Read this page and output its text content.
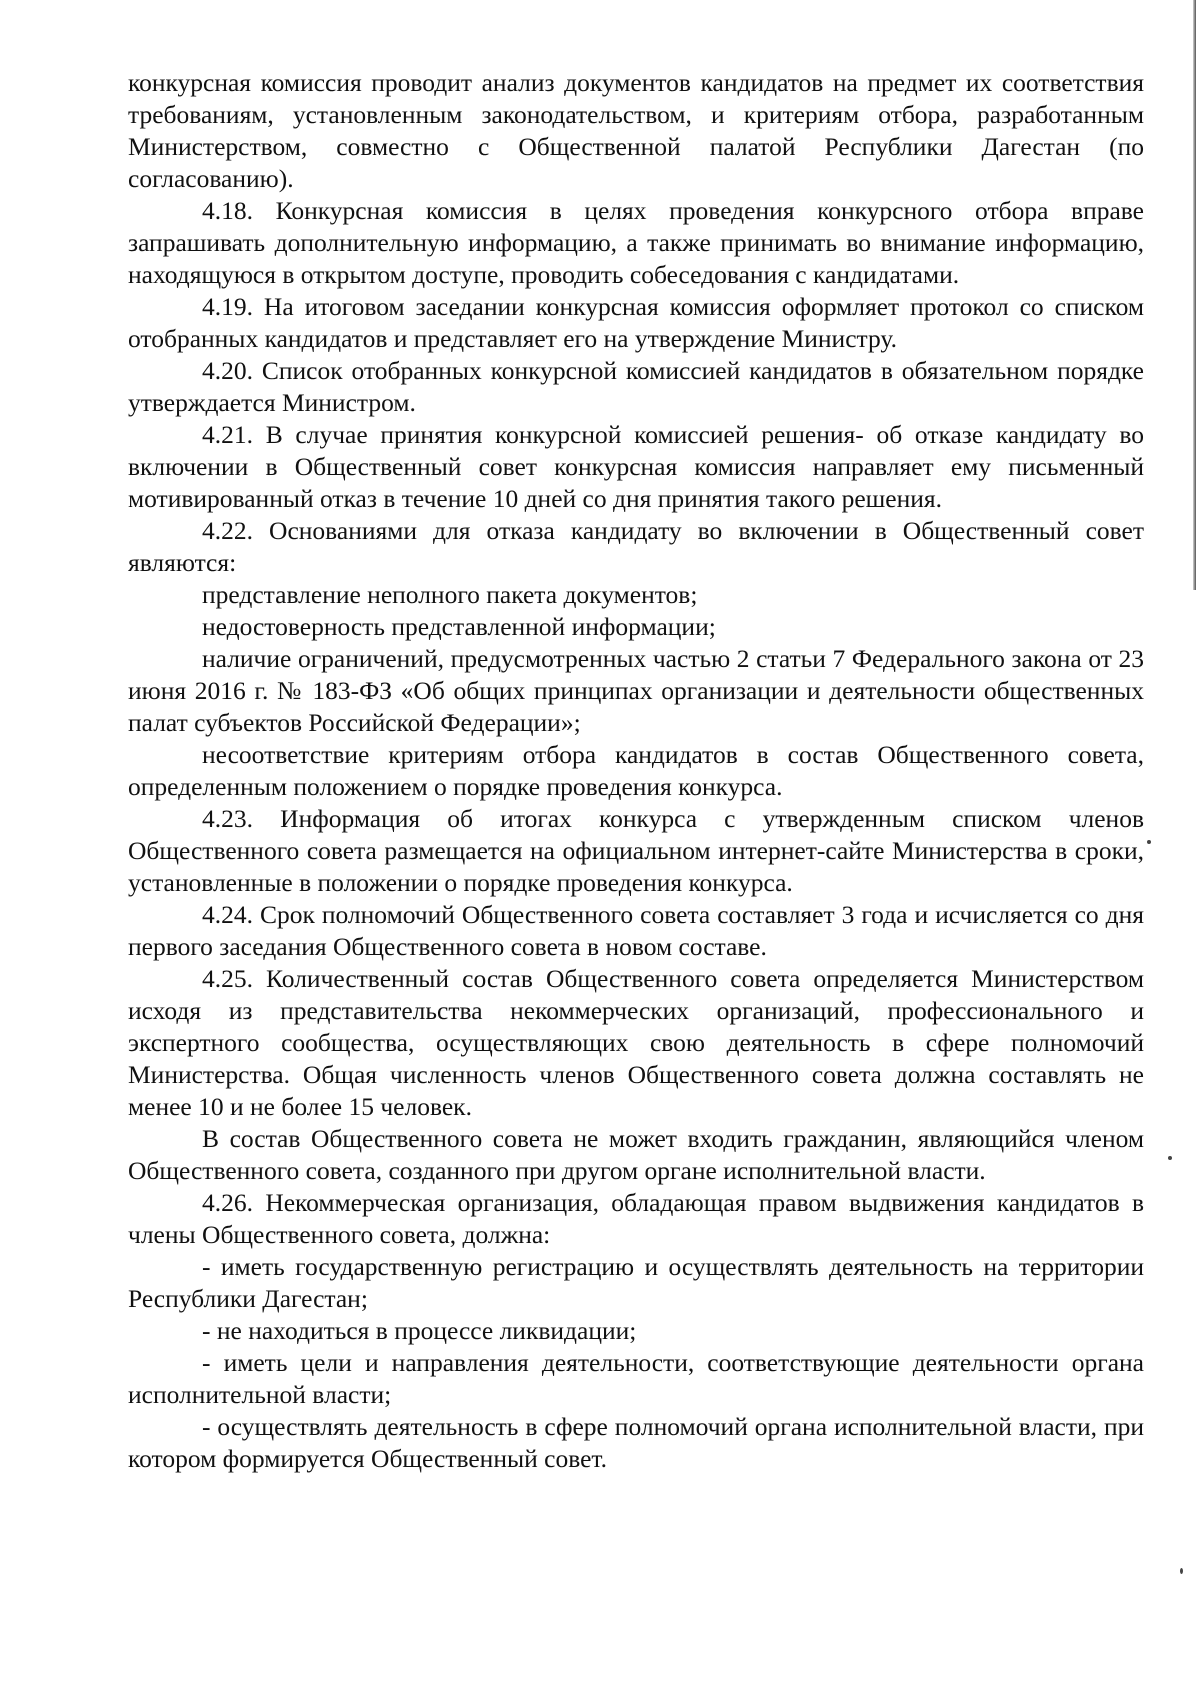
конкурсная комиссия проводит анализ документов кандидатов на предмет их соответствия требованиям, установленным законодательством, и критериям отбора, разработанным Министерством, совместно с Общественной палатой Республики Дагестан (по согласованию).

4.18. Конкурсная комиссия в целях проведения конкурсного отбора вправе запрашивать дополнительную информацию, а также принимать во внимание информацию, находящуюся в открытом доступе, проводить собеседования с кандидатами.

4.19. На итоговом заседании конкурсная комиссия оформляет протокол со списком отобранных кандидатов и представляет его на утверждение Министру.

4.20. Список отобранных конкурсной комиссией кандидатов в обязательном порядке утверждается Министром.

4.21. В случае принятия конкурсной комиссией решения- об отказе кандидату во включении в Общественный совет конкурсная комиссия направляет ему письменный мотивированный отказ в течение 10 дней со дня принятия такого решения.

4.22. Основаниями для отказа кандидату во включении в Общественный совет являются:

представление неполного пакета документов;

недостоверность представленной информации;

наличие ограничений, предусмотренных частью 2 статьи 7 Федерального закона от 23 июня 2016 г. № 183-ФЗ «Об общих принципах организации и деятельности общественных палат субъектов Российской Федерации»;

несоответствие критериям отбора кандидатов в состав Общественного совета, определенным положением о порядке проведения конкурса.

4.23. Информация об итогах конкурса с утвержденным списком членов Общественного совета размещается на официальном интернет-сайте Министерства в сроки, установленные в положении о порядке проведения конкурса.

4.24. Срок полномочий Общественного совета составляет 3 года и исчисляется со дня первого заседания Общественного совета в новом составе.

4.25. Количественный состав Общественного совета определяется Министерством исходя из представительства некоммерческих организаций, профессионального и экспертного сообщества, осуществляющих свою деятельность в сфере полномочий Министерства. Общая численность членов Общественного совета должна составлять не менее 10 и не более 15 человек.

В состав Общественного совета не может входить гражданин, являющийся членом Общественного совета, созданного при другом органе исполнительной власти.

4.26. Некоммерческая организация, обладающая правом выдвижения кандидатов в члены Общественного совета, должна:

- иметь государственную регистрацию и осуществлять деятельность на территории Республики Дагестан;

- не находиться в процессе ликвидации;

- иметь цели и направления деятельности, соответствующие деятельности органа исполнительной власти;

- осуществлять деятельность в сфере полномочий органа исполнительной власти, при котором формируется Общественный совет.
